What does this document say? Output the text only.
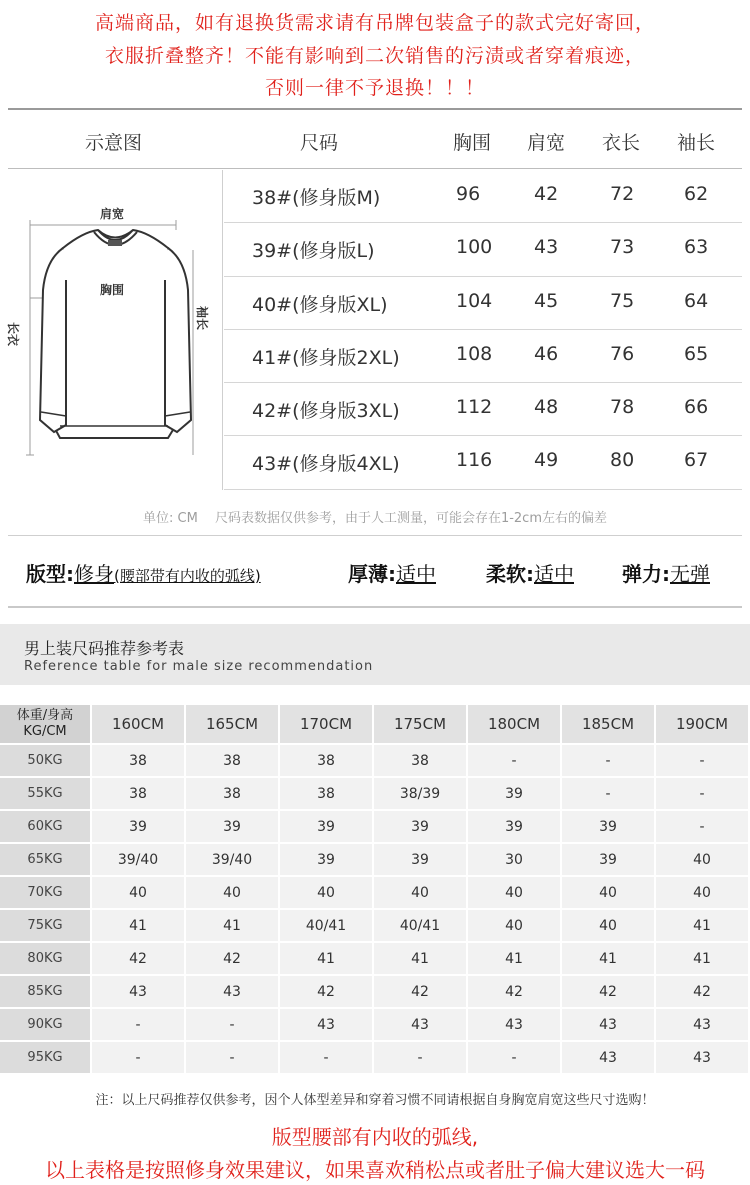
高端商品，如有退换货需求请有吊牌包装盒子的款式完好寄回，
衣服折叠整齐！不能有影响到二次销售的污渍或者穿着痕迹，
否则一律不予退换！！！
示意图	尺码	胸围 肩宽 衣长 袖长
肩宽
胸围
长衣
袖长
38#(修身版M)	96	42	72	62
39#(修身版L)	100 43	73	63
40#(修身版XL)	104 45	75	64
41#(修身版2XL)	108 46	76	65
42#(修身版3XL)	112 48	78	66
43#(修身版4XL)	116 49	80	67
单位: CM　 尺码表数据仅供参考，由于人工测量，可能会存在1-2cm左右的偏差
版型:修身(腰部带有内收的弧线)	厚薄:适中	柔软:适中 弹力:无弹
男上装尺码推荐参考表
Reference table for male size recommendation
体重/身高
KG/CM	160CM	165CM	170CM	175CM	180CM	185CM	190CM
50KG	38	38	38	38	-	-	-
55KG	38	38	38	38/39	39	-	-
60KG	39	39	39	39	39	39	-
65KG	39/40	39/40	39	39	30	39	40
70KG	40	40	40	40	40	40	40
75KG	41	41	40/41	40/41	40	40	41
80KG	42	42	41	41	41	41	41
85KG	43	43	42	42	42	42	42
90KG	-	-	43	43	43	43	43
95KG	-	-	-	-	-	43	43
注：以上尺码推荐仅供参考，因个人体型差异和穿着习惯不同请根据自身胸宽肩宽这些尺寸选购！
版型腰部有内收的弧线,
以上表格是按照修身效果建议，如果喜欢稍松点或者肚子偏大建议选大一码
